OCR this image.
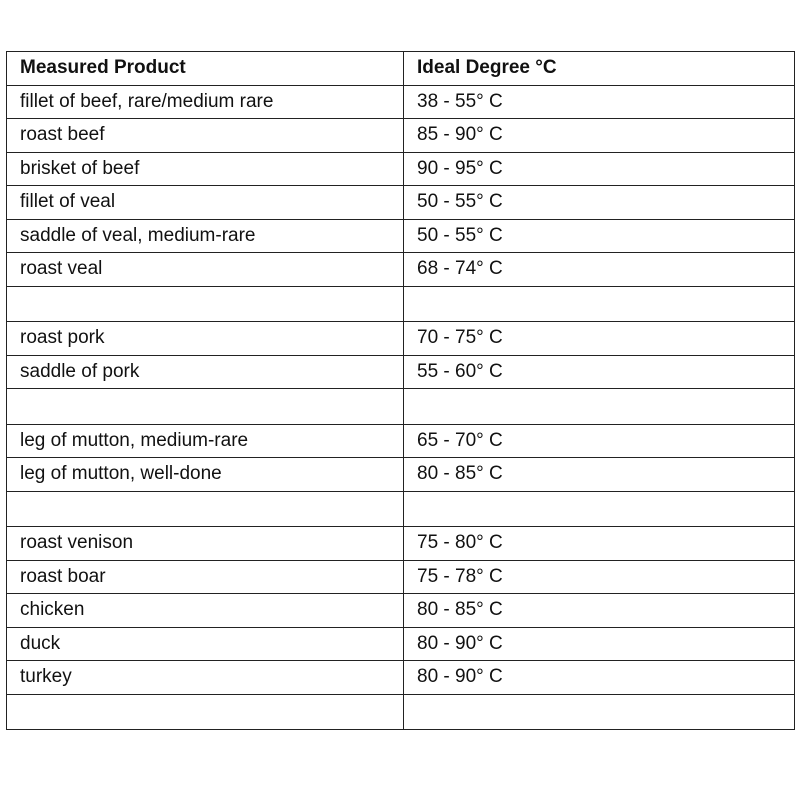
Measured Product	Ideal Degree °C
fillet of beef, rare/medium rare	38 - 55° C
roast beef	85 - 90° C
brisket of beef	90 - 95° C
fillet of veal	50 - 55° C
saddle of veal, medium-rare	50 - 55° C
roast veal	68 - 74° C

roast pork	70 - 75° C
saddle of pork	55 - 60° C

leg of mutton, medium-rare	65 - 70° C
leg of mutton, well-done	80 - 85° C

roast venison	75 - 80° C
roast boar	75 - 78° C
chicken	80 - 85° C
duck	80 - 90° C
turkey	80 - 90° C
